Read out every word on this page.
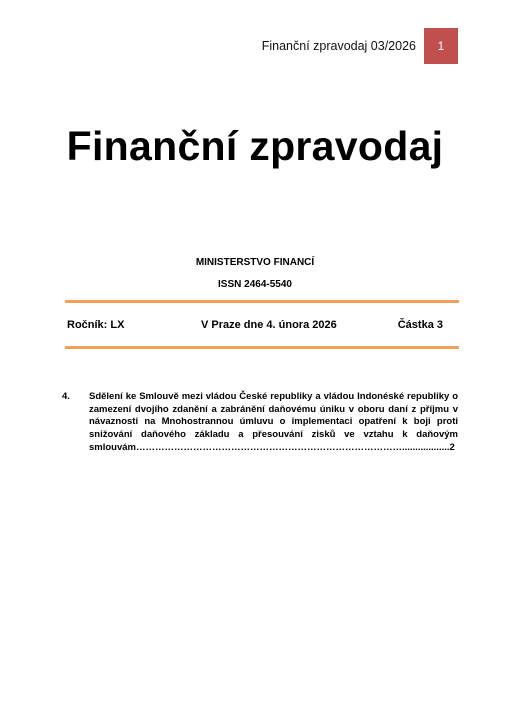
Finanční zpravodaj 03/2026	1
Finanční zpravodaj
MINISTERSTVO FINANCÍ
ISSN 2464-5540
Ročník: LX	V Praze dne 4. února 2026	Částka 3
4. Sdělení ke Smlouvě mezi vládou České republiky a vládou Indonéské republiky o zamezení dvojího zdanění a zabránění daňovému úniku v oboru daní z příjmu v návaznosti na Mnohostrannou úmluvu o implementaci opatření k boji proti snižování daňového základu a přesouvání zisků ve vztahu k daňovým smlouvám…………………………………………………………………………..................2
